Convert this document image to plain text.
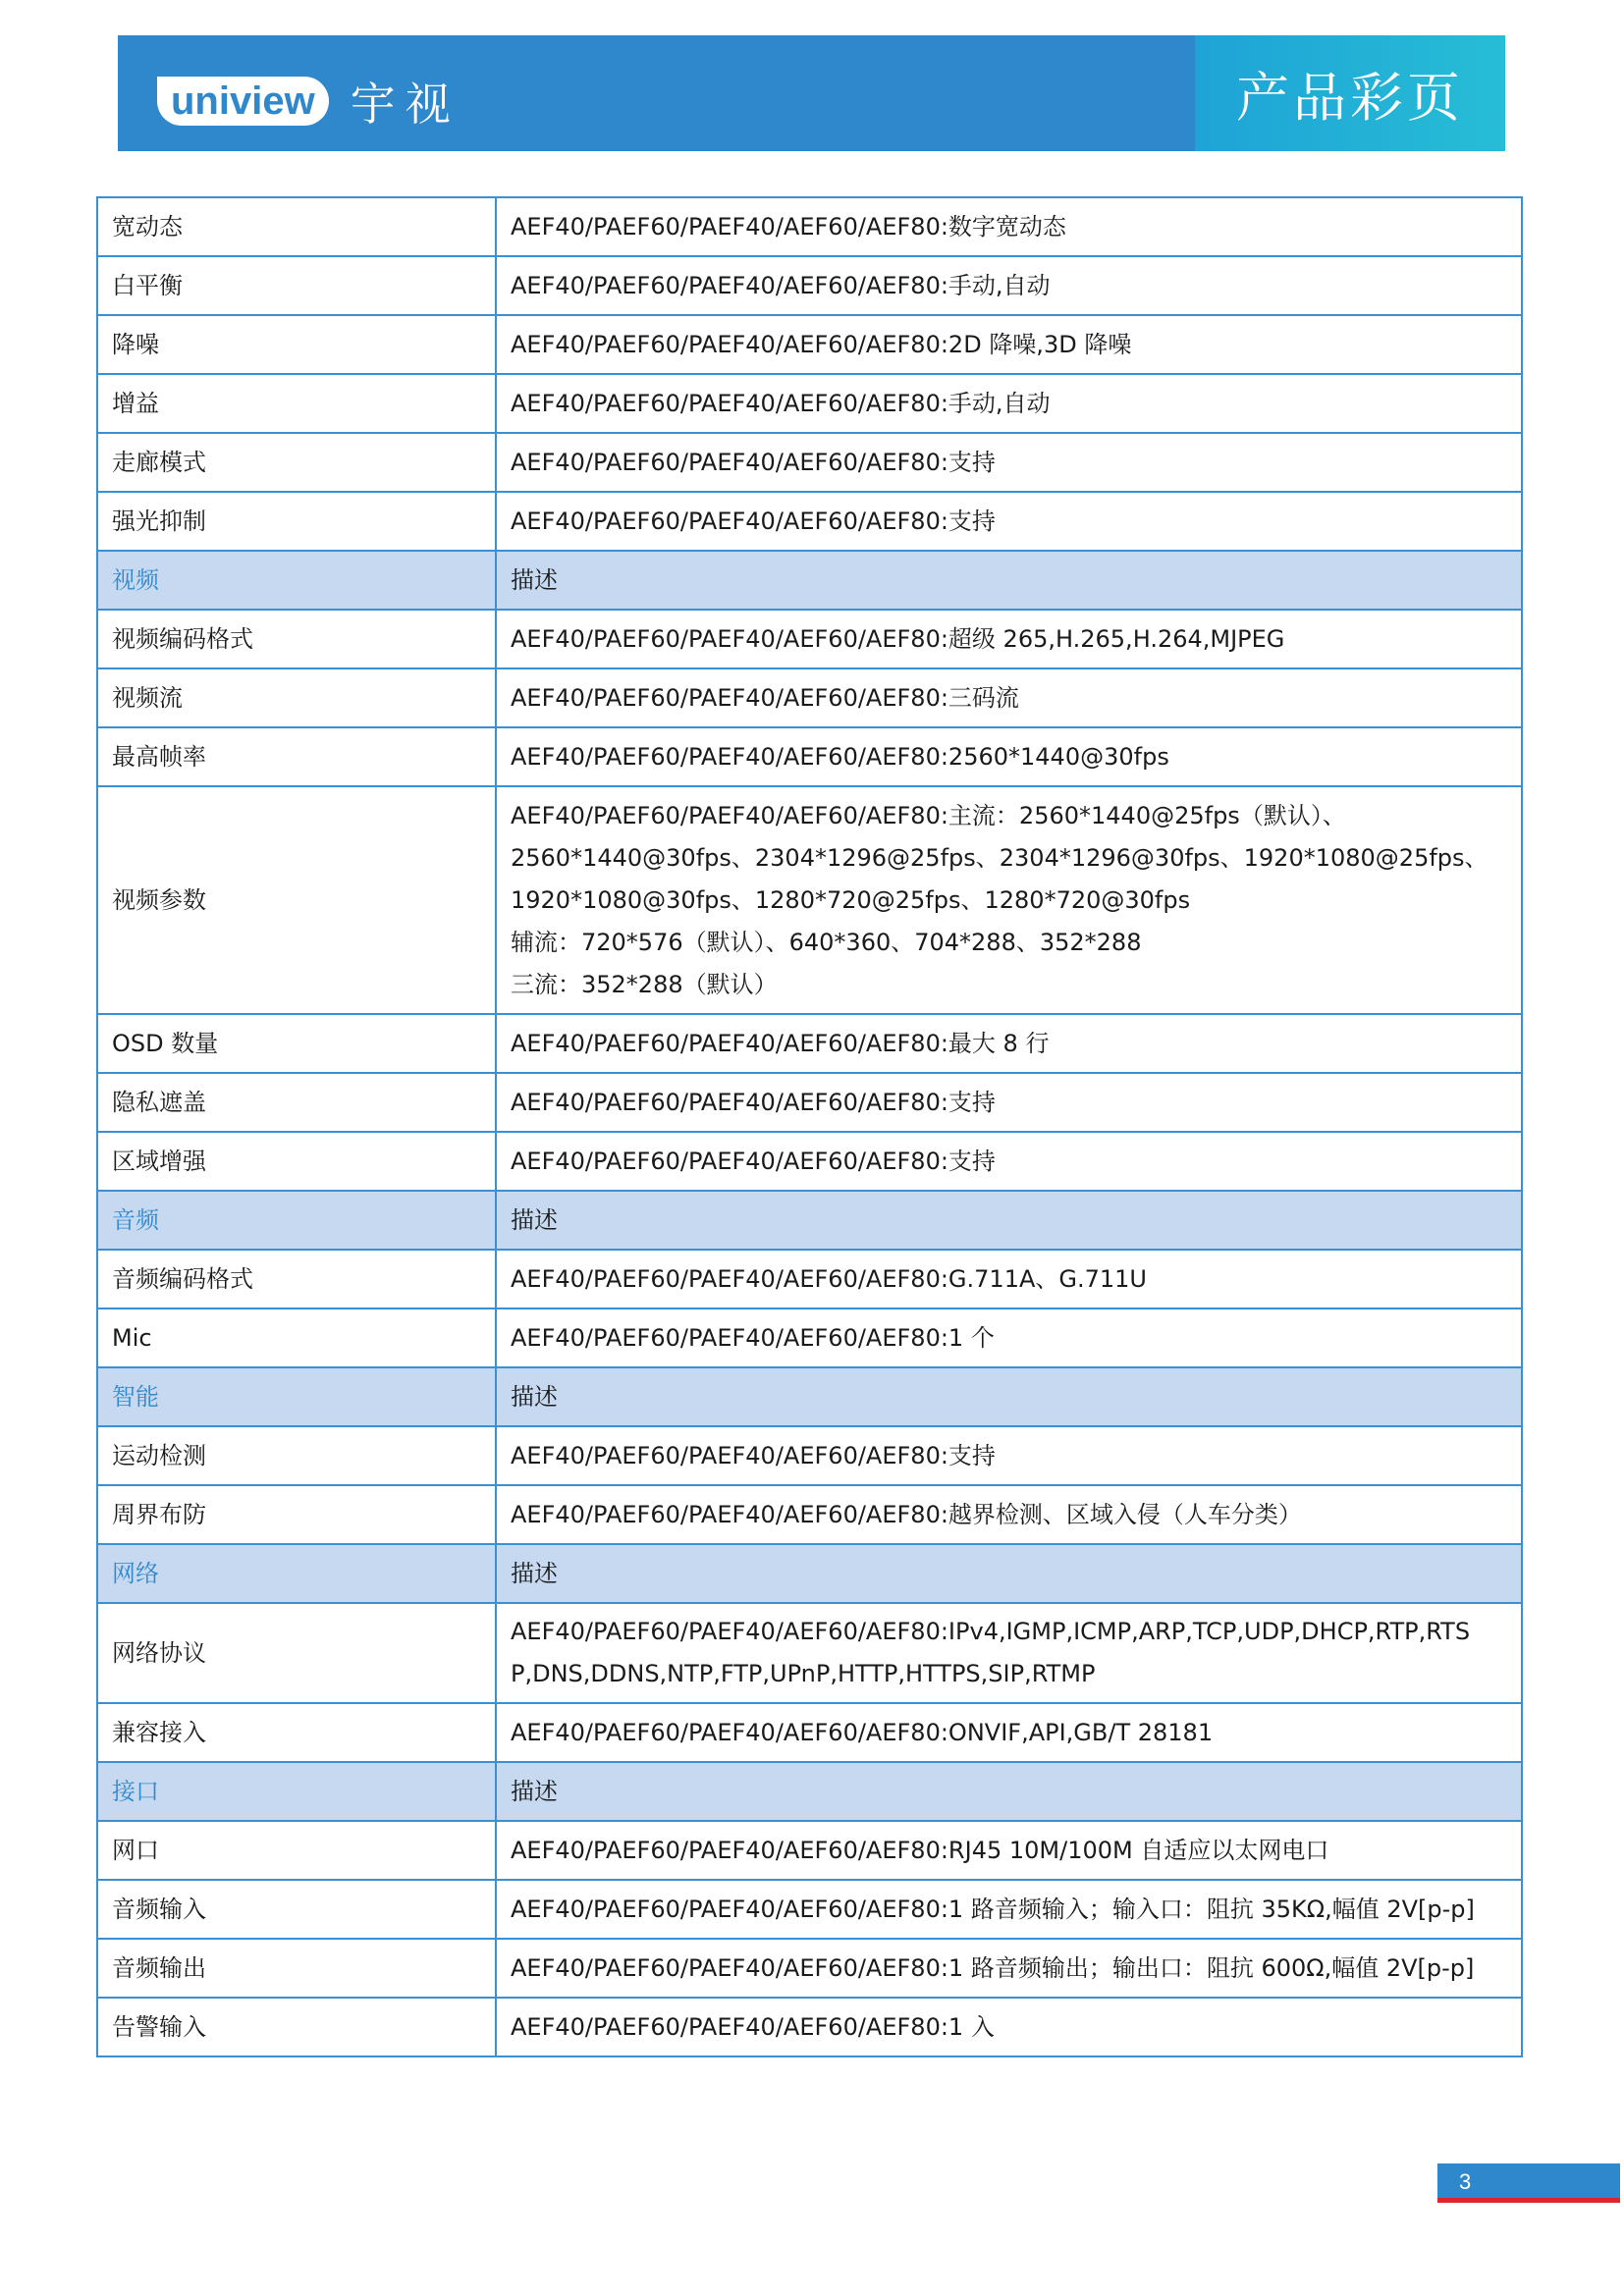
uniview 宇视	产品彩页
宽动态	AEF40/PAEF60/PAEF40/AEF60/AEF80:数字宽动态

白平衡	AEF40/PAEF60/PAEF40/AEF60/AEF80:手动,自动

降噪	AEF40/PAEF60/PAEF40/AEF60/AEF80:2D 降噪,3D 降噪

增益	AEF40/PAEF60/PAEF40/AEF60/AEF80:手动,自动

走廊模式	AEF40/PAEF60/PAEF40/AEF60/AEF80:支持

强光抑制	AEF40/PAEF60/PAEF40/AEF60/AEF80:支持

视频	描述

视频编码格式	AEF40/PAEF60/PAEF40/AEF60/AEF80:超级 265,H.265,H.264,MJPEG

视频流	AEF40/PAEF60/PAEF40/AEF60/AEF80:三码流

最高帧率	AEF40/PAEF60/PAEF40/AEF60/AEF80:2560*1440@30fps

视频参数	AEF40/PAEF60/PAEF40/AEF60/AEF80:主流：2560*1440@25fps（默认）、
2560*1440@30fps、2304*1296@25fps、2304*1296@30fps、1920*1080@25fps、
1920*1080@30fps、1280*720@25fps、1280*720@30fps
辅流：720*576（默认）、640*360、704*288、352*288
三流：352*288（默认）

OSD 数量	AEF40/PAEF60/PAEF40/AEF60/AEF80:最大 8 行

隐私遮盖	AEF40/PAEF60/PAEF40/AEF60/AEF80:支持

区域增强	AEF40/PAEF60/PAEF40/AEF60/AEF80:支持

音频	描述

音频编码格式	AEF40/PAEF60/PAEF40/AEF60/AEF80:G.711A、G.711U

Mic	AEF40/PAEF60/PAEF40/AEF60/AEF80:1 个

智能	描述

运动检测	AEF40/PAEF60/PAEF40/AEF60/AEF80:支持

周界布防	AEF40/PAEF60/PAEF40/AEF60/AEF80:越界检测、区域入侵（人车分类）

网络	描述

网络协议	AEF40/PAEF60/PAEF40/AEF60/AEF80:IPv4,IGMP,ICMP,ARP,TCP,UDP,DHCP,RTP,RTS
P,DNS,DDNS,NTP,FTP,UPnP,HTTP,HTTPS,SIP,RTMP

兼容接入	AEF40/PAEF60/PAEF40/AEF60/AEF80:ONVIF,API,GB/T 28181

接口	描述

网口	AEF40/PAEF60/PAEF40/AEF60/AEF80:RJ45 10M/100M 自适应以太网电口

音频输入	AEF40/PAEF60/PAEF40/AEF60/AEF80:1 路音频输入；输入口：阻抗 35KΩ,幅值 2V[p-p]

音频输出	AEF40/PAEF60/PAEF40/AEF60/AEF80:1 路音频输出；输出口：阻抗 600Ω,幅值 2V[p-p]

告警输入	AEF40/PAEF60/PAEF40/AEF60/AEF80:1 入
3
